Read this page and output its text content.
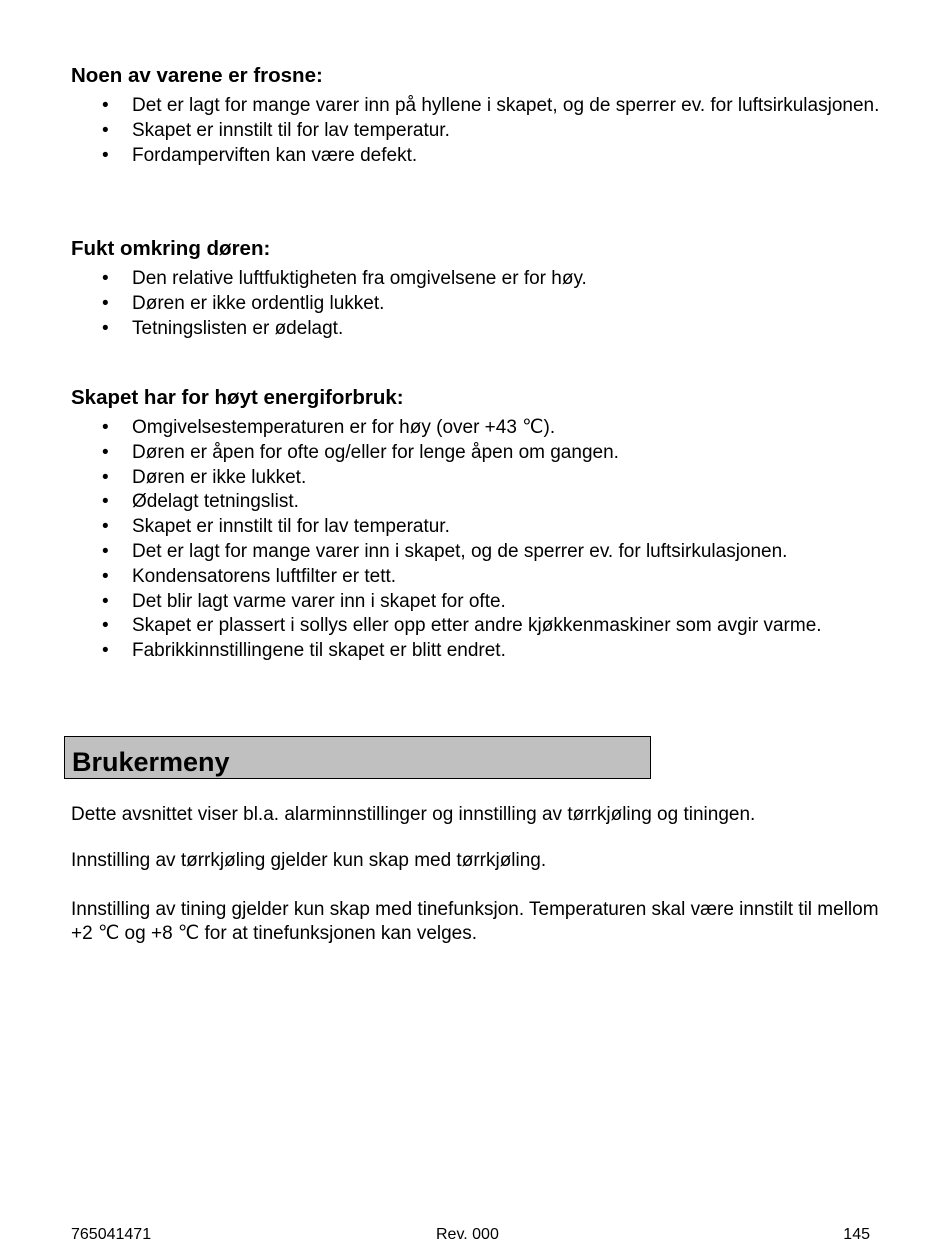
Noen av varene er frosne:
• Det er lagt for mange varer inn på hyllene i skapet, og de sperrer ev. for luftsirkulasjonen.
• Skapet er innstilt til for lav temperatur.
• Fordamperviften kan være defekt.
Fukt omkring døren:
• Den relative luftfuktigheten fra omgivelsene er for høy.
• Døren er ikke ordentlig lukket.
• Tetningslisten er ødelagt.
Skapet har for høyt energiforbruk:
• Omgivelsestemperaturen er for høy (over +43 ℃).
• Døren er åpen for ofte og/eller for lenge åpen om gangen.
• Døren er ikke lukket.
• Ødelagt tetningslist.
• Skapet er innstilt til for lav temperatur.
• Det er lagt for mange varer inn i skapet, og de sperrer ev. for luftsirkulasjonen.
• Kondensatorens luftfilter er tett.
• Det blir lagt varme varer inn i skapet for ofte.
• Skapet er plassert i sollys eller opp etter andre kjøkkenmaskiner som avgir varme.
• Fabrikkinnstillingene til skapet er blitt endret.
Brukermeny

Dette avsnittet viser bl.a. alarminnstillinger og innstilling av tørrkjøling og tiningen.

Innstilling av tørrkjøling gjelder kun skap med tørrkjøling.

Innstilling av tining gjelder kun skap med tinefunksjon. Temperaturen skal være innstilt til mellom +2 ℃ og +8 ℃ for at tinefunksjonen kan velges.

765041471	Rev. 000	145
